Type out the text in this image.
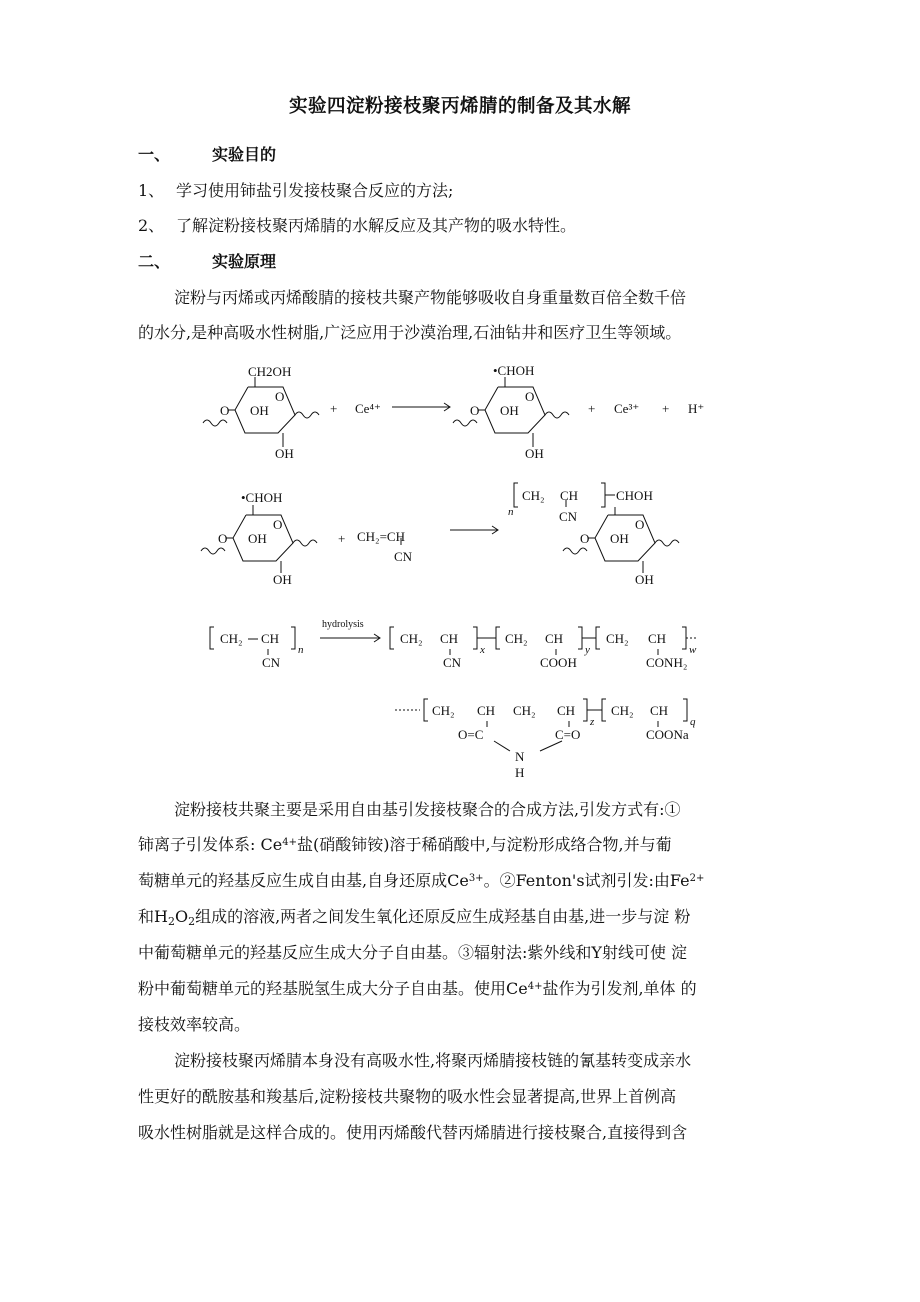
实验四淀粉接枝聚丙烯腈的制备及其水解
一、	实验目的
1、 学习使用铈盐引发接枝聚合反应的方法;
2、 了解淀粉接枝聚丙烯腈的水解反应及其产物的吸水特性。
二、	实验原理
淀粉与丙烯或丙烯酸腈的接枝共聚产物能够吸收自身重量数百倍全数千倍
的水分,是种高吸水性树脂,广泛应用于沙漠治理,石油钻井和医疗卫生等领域。
CH2OH
O
O OH
OH
+ Ce⁴⁺
•CHOH
O
O OH
OH
+ Ce³⁺ + H⁺
•CHOH
O
O OH
OH
+ CH₂=CH
CN
n
CH₂ CH
CN
CHOH
O
O OH
OH
CH₂ CH
CN
n
hydrolysis
CH₂ CH
CN
x
CH₂ CH
COOH
y
CH₂ CH
CONH₂
w
CH₂ CH CH₂ CH
z
CH₂ CH
q
O=C	C=O	COONa
N
H
淀粉接枝共聚主要是采用自由基引发接枝聚合的合成方法,引发方式有:①
铈离子引发体系: $Ce^{4+}$盐(硝酸铈铵)溶于稀硝酸中,与淀粉形成络合物,并与葡
萄糖单元的羟基反应生成自由基,自身还原成$Ce^{3+}$。②Fenton's试剂引发:由$Fe^{2+}$
和$H_2O_2$组成的溶液,两者之间发生氧化还原反应生成羟基自由基,进一步与淀 粉
中葡萄糖单元的羟基反应生成大分子自由基。③辐射法:紫外线和Y射线可使 淀
粉中葡萄糖单元的羟基脱氢生成大分子自由基。使用$Ce^{4+}$盐作为引发剂,单体 的
接枝效率较高。
淀粉接枝聚丙烯腈本身没有高吸水性,将聚丙烯腈接枝链的氰基转变成亲水
性更好的酰胺基和羧基后,淀粉接枝共聚物的吸水性会显著提高,世界上首例高
吸水性树脂就是这样合成的。使用丙烯酸代替丙烯腈进行接枝聚合,直接得到含
